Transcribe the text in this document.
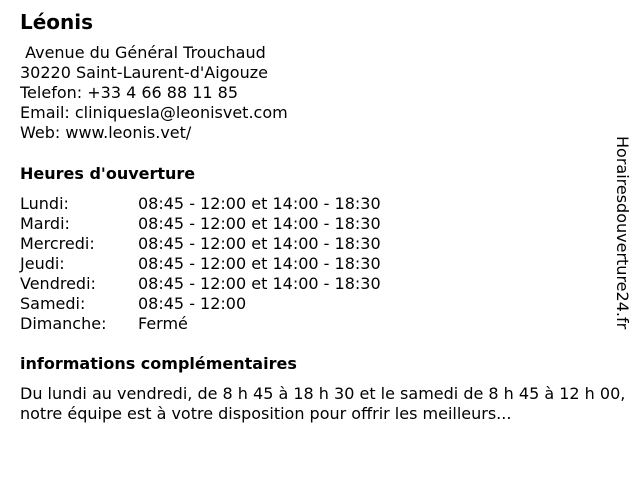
Léonis
Avenue du Général Trouchaud
30220 Saint-Laurent-d'Aigouze
Telefon: +33 4 66 88 11 85
Email: cliniquesla@leonisvet.com
Web: www.leonis.vet/
Heures d'ouverture
Lundi:	08:45 - 12:00 et 14:00 - 18:30
Mardi:	08:45 - 12:00 et 14:00 - 18:30
Mercredi:	08:45 - 12:00 et 14:00 - 18:30
Jeudi:	08:45 - 12:00 et 14:00 - 18:30
Vendredi:	08:45 - 12:00 et 14:00 - 18:30
Samedi:	08:45 - 12:00
Dimanche: Fermé
informations complémentaires
Du lundi au vendredi, de 8 h 45 à 18 h 30 et le samedi de 8 h 45 à 12 h 00, notre équipe est à votre disposition pour offrir les meilleurs...
Horairesdouverture24.fr
